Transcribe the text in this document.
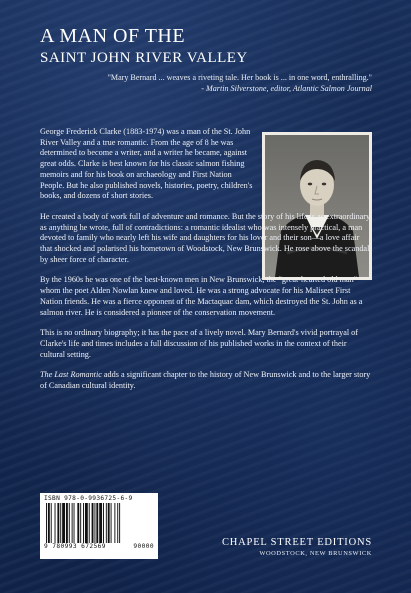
A MAN OF THE
SAINT JOHN RIVER VALLEY
"Mary Bernard ... weaves a riveting tale. Her book is ... in one word, enthralling."

- Martin Silverstone, editor, Atlantic Salmon Journal

George Frederick Clarke (1883-1974) was a man of the St. John River Valley and a true romantic. From the age of 8 he was determined to become a writer, and a writer he became, against great odds. Clarke is best known for his classic salmon fishing memoirs and for his book on archaeology and First Nation People. But he also published novels, histories, poetry, children's books, and dozens of short stories.

He created a body of work full of adventure and romance. But the story of his life is as extraordinary as anything he wrote, full of contradictions: a romantic idealist who was intensely practical, a man devoted to family who nearly left his wife and daughters for his lover and their son—a love affair that shocked and polarised his hometown of Woodstock, New Brunswick. He rose above the scandal by sheer force of character.

By the 1960s he was one of the best-known men in New Brunswick, the "great-hearted old man" whom the poet Alden Nowlan knew and loved. He was a strong advocate for his Maliseet First Nation friends. He was a fierce opponent of the Mactaquac dam, which destroyed the St. John as a salmon river. He is considered a pioneer of the conservation movement.

This is no ordinary biography; it has the pace of a lively novel. Mary Bernard's vivid portrayal of Clarke's life and times includes a full discussion of his published works in the context of their cultural setting.

The Last Romantic adds a significant chapter to the history of New Brunswick and to the larger story of Canadian cultural identity.

ISBN 978-0-9936725-6-9
9 780993 672569	90000	CHAPEL STREET EDITIONS
WOODSTOCK, NEW BRUNSWICK
